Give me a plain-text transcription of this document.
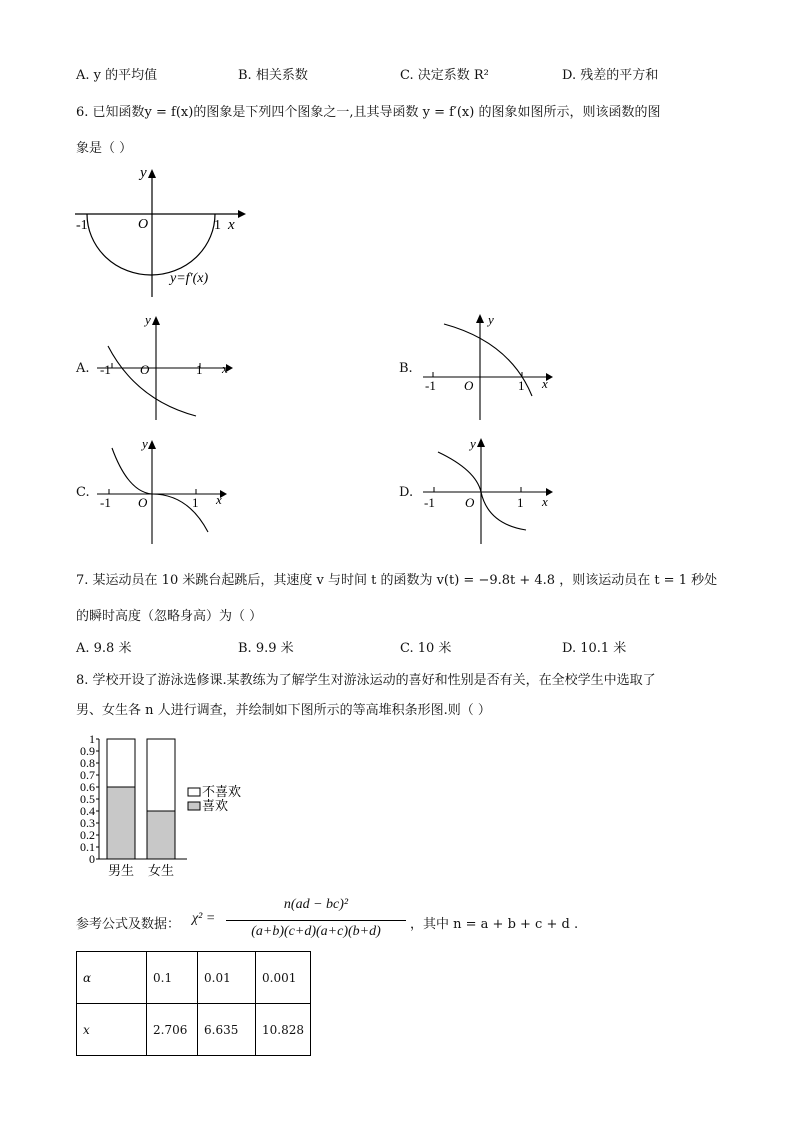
A. y 的平均值	B. 相关系数	C. 决定系数 R²	D. 残差的平方和
6. 已知函数y = f(x)的图象是下列四个图象之一,且其导函数 y = f′(x) 的图象如图所示，则该函数的图
象是（ ）
y
x
O
-1	1
y=f′(x)
A.
y
x
O
-1	1	B.
y
x
O
-1	1
C.
y
x
O
-1	1
D.
y
x
O
-1	1
7. 某运动员在 10 米跳台起跳后，其速度 v 与时间 t 的函数为 v(t) = −9.8t + 4.8 ，则该运动员在 t = 1 秒处
的瞬时高度（忽略身高）为（ ）
A. 9.8 米	B. 9.9 米	C. 10 米	D. 10.1 米
8. 学校开设了游泳选修课.某教练为了解学生对游泳运动的喜好和性别是否有关，在全校学生中选取了
男、女生各 n 人进行调查，并绘制如下图所示的等高堆积条形图.则（ ）
0
0.1
0.2
0.3
0.4
0.5
0.6
0.7
0.8
0.9
1
男生 女生
不喜欢
喜欢
参考公式及数据： χ² =
n(ad − bc)²
(a+b)(c+d)(a+c)(b+d)	，其中 n = a + b + c + d .
α	0.1	0.01	0.001
x	2.706	6.635	10.828
